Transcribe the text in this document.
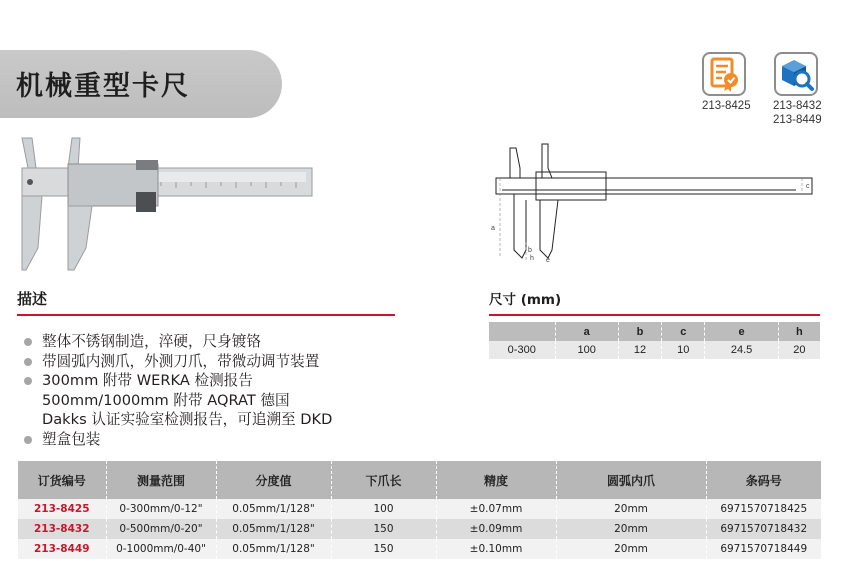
机械重型卡尺
213-8425 213-8432
213-8449
a
b
c
e
h
描述
整体不锈钢制造，淬硬，尺身镀铬
带圆弧内测爪，外测刀爪，带微动调节装置
300mm 附带 WERKA 检测报告
500mm/1000mm 附带 AQRAT 德国
Dakks 认证实验室检测报告，可追溯至 DKD
塑盒包装
尺寸 (mm)
	a	b	c	e	h
0-300	100	12	10	24.5	20
订货编号	测量范围	分度值	下爪长	精度	圆弧内爪	条码号
213-8425	0-300mm/0-12"	0.05mm/1/128"	100	±0.07mm	20mm	6971570718425
213-8432	0-500mm/0-20"	0.05mm/1/128"	150	±0.09mm	20mm	6971570718432
213-8449	0-1000mm/0-40"	0.05mm/1/128"	150	±0.10mm	20mm	6971570718449
